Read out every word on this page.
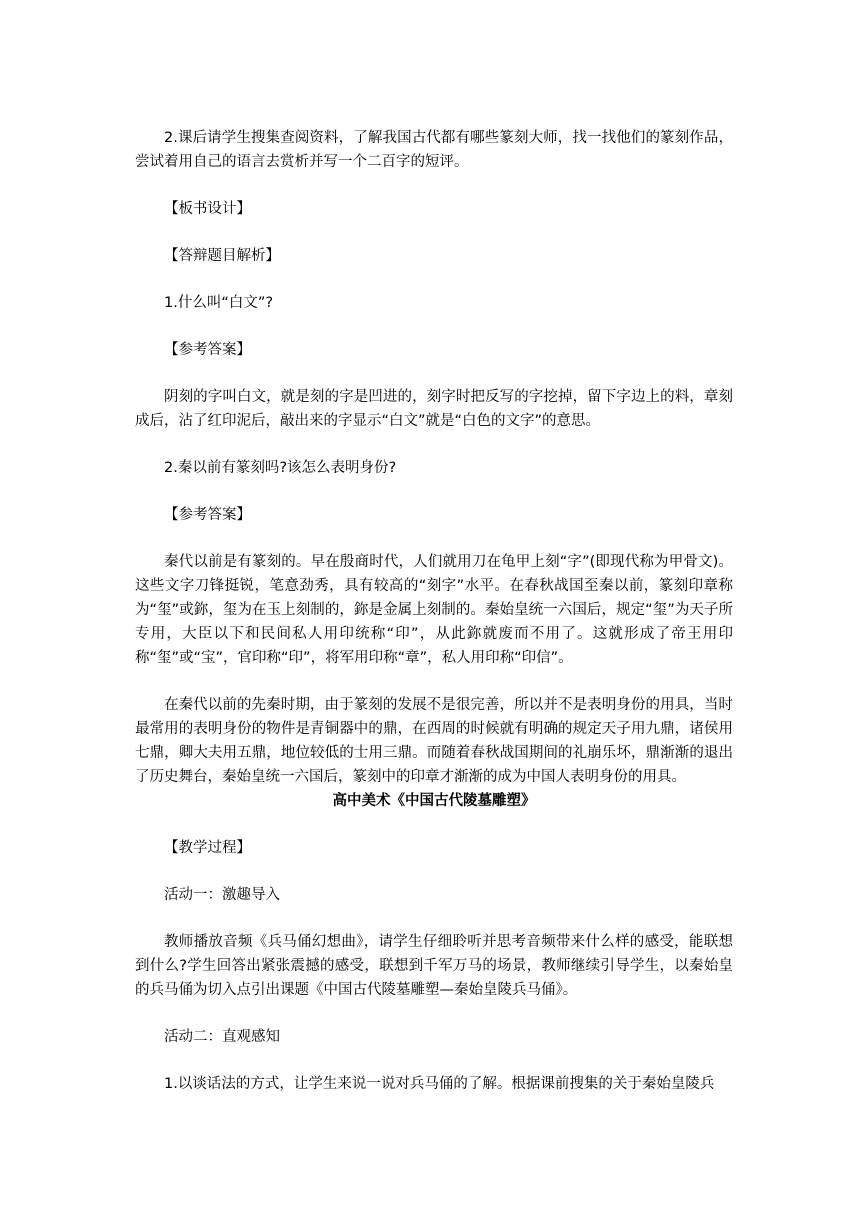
2.课后请学生搜集查阅资料，了解我国古代都有哪些篆刻大师，找一找他们的篆刻作品，尝试着用自己的语言去赏析并写一个二百字的短评。

【板书设计】

【答辩题目解析】

1.什么叫“白文”?

【参考答案】

阴刻的字叫白文，就是刻的字是凹进的，刻字时把反写的字挖掉，留下字边上的料，章刻成后，沾了红印泥后，敲出来的字显示“白文”就是“白色的文字”的意思。

2.秦以前有篆刻吗?该怎么表明身份?

【参考答案】

秦代以前是有篆刻的。早在殷商时代，人们就用刀在龟甲上刻“字”(即现代称为甲骨文)。这些文字刀锋挺锐，笔意劲秀，具有较高的“刻字”水平。在春秋战国至秦以前，篆刻印章称为“玺”或鉨，玺为在玉上刻制的，鉨是金属上刻制的。秦始皇统一六国后，规定“玺”为天子所专用，大臣以下和民间私人用印统称“印”，从此鉨就废而不用了。这就形成了帝王用印称“玺”或“宝”，官印称“印”，将军用印称“章”，私人用印称“印信”。

在秦代以前的先秦时期，由于篆刻的发展不是很完善，所以并不是表明身份的用具，当时最常用的表明身份的物件是青铜器中的鼎，在西周的时候就有明确的规定天子用九鼎，诸侯用七鼎，卿大夫用五鼎，地位较低的士用三鼎。而随着春秋战国期间的礼崩乐坏，鼎渐渐的退出了历史舞台，秦始皇统一六国后，篆刻中的印章才渐渐的成为中国人表明身份的用具。

高中美术《中国古代陵墓雕塑》

【教学过程】

活动一：激趣导入

教师播放音频《兵马俑幻想曲》，请学生仔细聆听并思考音频带来什么样的感受，能联想到什么?学生回答出紧张震撼的感受，联想到千军万马的场景，教师继续引导学生，以秦始皇的兵马俑为切入点引出课题《中国古代陵墓雕塑—秦始皇陵兵马俑》。

活动二：直观感知

1.以谈话法的方式，让学生来说一说对兵马俑的了解。根据课前搜集的关于秦始皇陵兵
